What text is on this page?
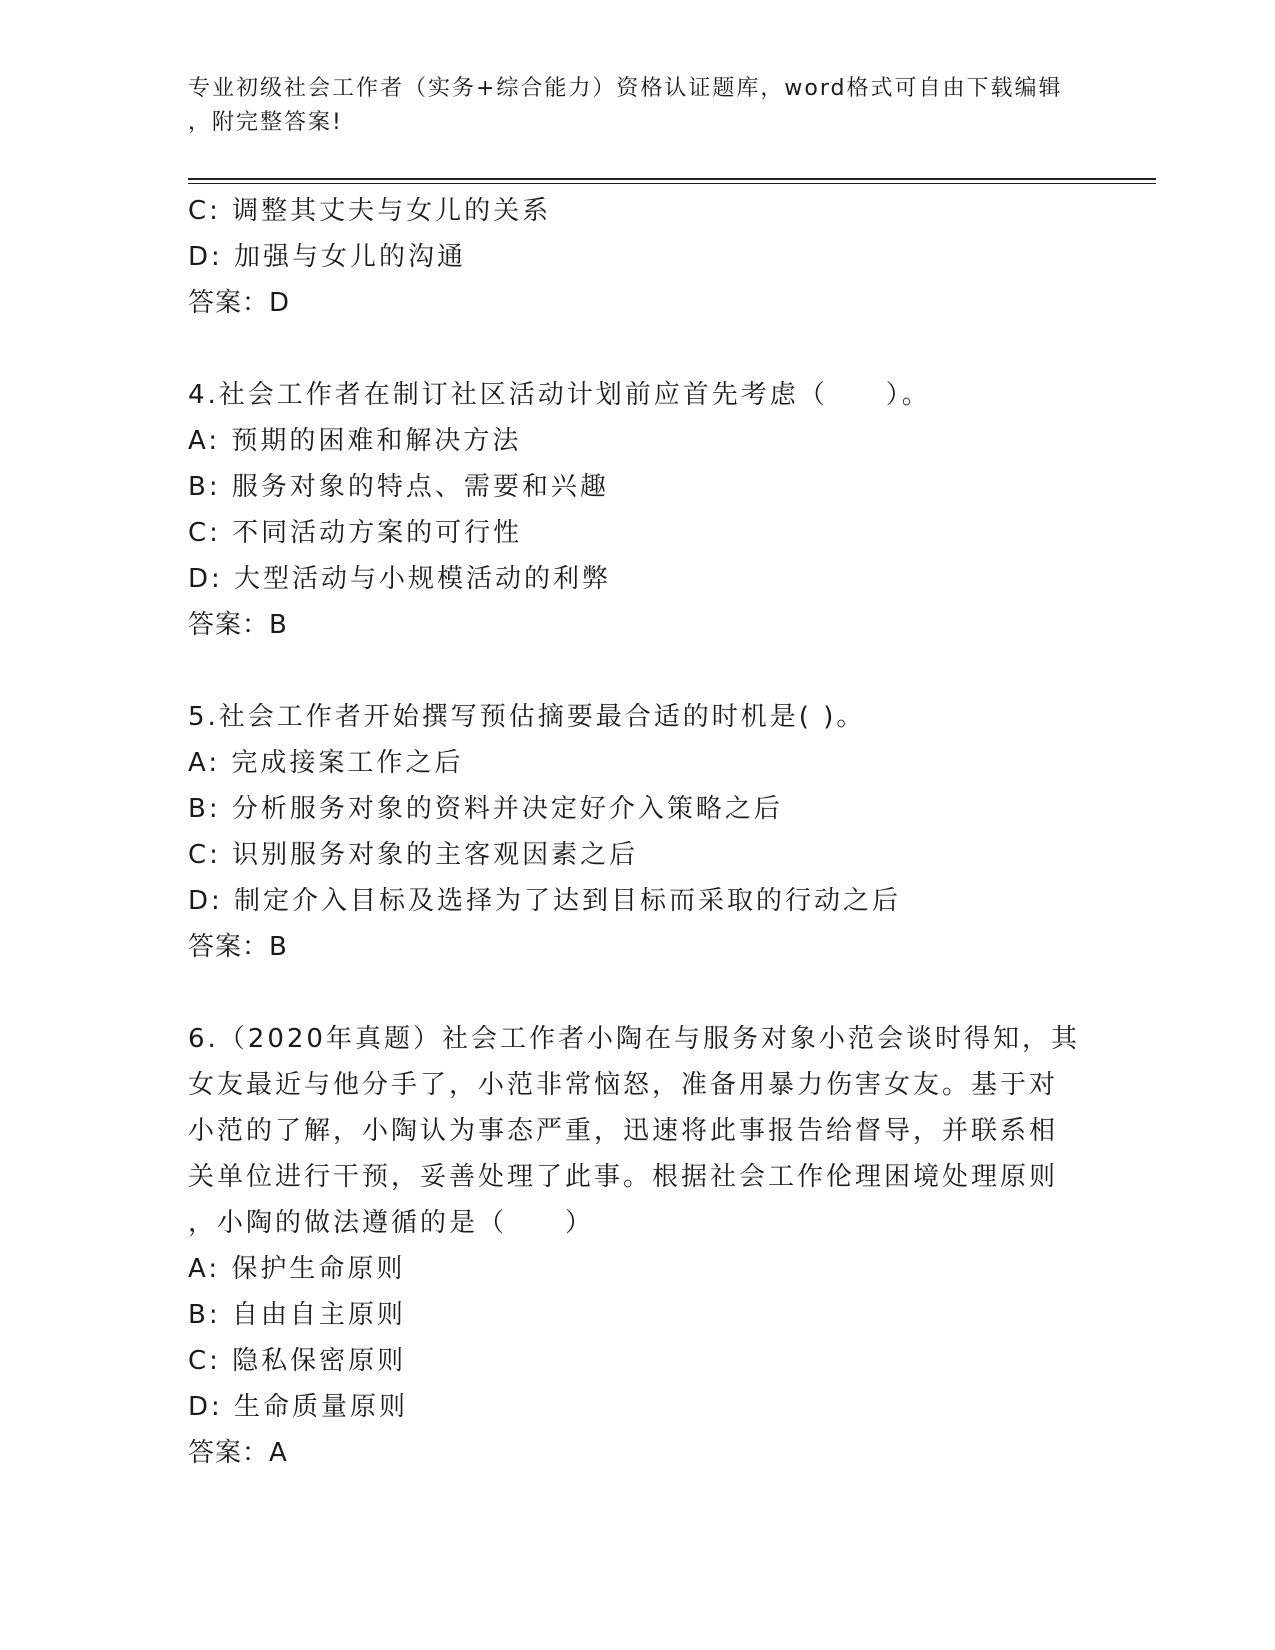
专业初级社会工作者（实务+综合能力）资格认证题库，word格式可自由下载编辑
，附完整答案!
C: 调整其丈夫与女儿的关系
D: 加强与女儿的沟通
答案：D
4.社会工作者在制订社区活动计划前应首先考虑（　　）。
A: 预期的困难和解决方法
B: 服务对象的特点、需要和兴趣
C: 不同活动方案的可行性
D: 大型活动与小规模活动的利弊
答案：B
5.社会工作者开始撰写预估摘要最合适的时机是( )。
A: 完成接案工作之后
B: 分析服务对象的资料并决定好介入策略之后
C: 识别服务对象的主客观因素之后
D: 制定介入目标及选择为了达到目标而采取的行动之后
答案：B
6.（2020年真题）社会工作者小陶在与服务对象小范会谈时得知，其
女友最近与他分手了，小范非常恼怒，准备用暴力伤害女友。基于对
小范的了解，小陶认为事态严重，迅速将此事报告给督导，并联系相
关单位进行干预，妥善处理了此事。根据社会工作伦理困境处理原则
，小陶的做法遵循的是（　　）
A: 保护生命原则
B: 自由自主原则
C: 隐私保密原则
D: 生命质量原则
答案：A
